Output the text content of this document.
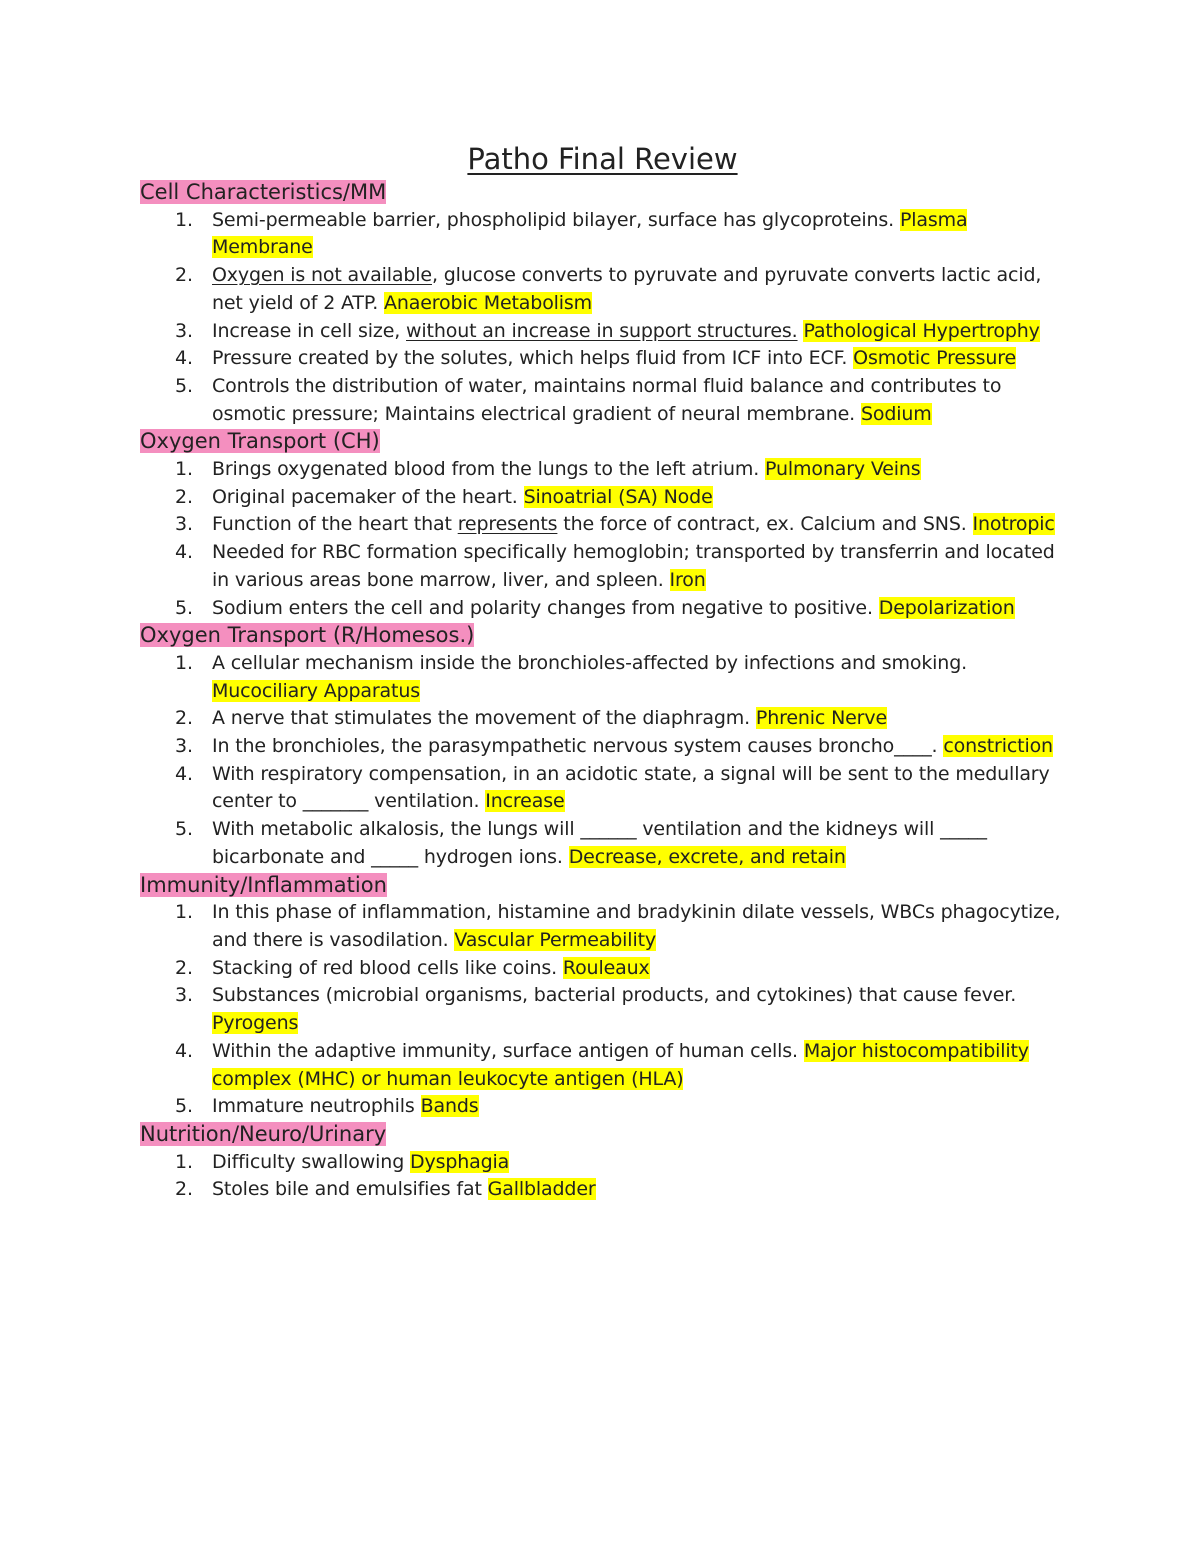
Patho Final Review
Cell Characteristics/MM
1. Semi-permeable barrier, phospholipid bilayer, surface has glycoproteins. Plasma Membrane
2. Oxygen is not available, glucose converts to pyruvate and pyruvate converts lactic acid, net yield of 2 ATP. Anaerobic Metabolism
3. Increase in cell size, without an increase in support structures. Pathological Hypertrophy
4. Pressure created by the solutes, which helps fluid from ICF into ECF. Osmotic Pressure
5. Controls the distribution of water, maintains normal fluid balance and contributes to osmotic pressure; Maintains electrical gradient of neural membrane. Sodium
Oxygen Transport (CH)
1. Brings oxygenated blood from the lungs to the left atrium. Pulmonary Veins
2. Original pacemaker of the heart. Sinoatrial (SA) Node
3. Function of the heart that represents the force of contract, ex. Calcium and SNS. Inotropic
4. Needed for RBC formation specifically hemoglobin; transported by transferrin and located in various areas bone marrow, liver, and spleen. Iron
5. Sodium enters the cell and polarity changes from negative to positive. Depolarization
Oxygen Transport (R/Homesos.)
1. A cellular mechanism inside the bronchioles-affected by infections and smoking. Mucociliary Apparatus
2. A nerve that stimulates the movement of the diaphragm. Phrenic Nerve
3. In the bronchioles, the parasympathetic nervous system causes broncho____. constriction
4. With respiratory compensation, in an acidotic state, a signal will be sent to the medullary center to _______ ventilation. Increase
5. With metabolic alkalosis, the lungs will ______ ventilation and the kidneys will _____ bicarbonate and _____ hydrogen ions. Decrease, excrete, and retain
Immunity/Inflammation
1. In this phase of inflammation, histamine and bradykinin dilate vessels, WBCs phagocytize, and there is vasodilation. Vascular Permeability
2. Stacking of red blood cells like coins. Rouleaux
3. Substances (microbial organisms, bacterial products, and cytokines) that cause fever. Pyrogens
4. Within the adaptive immunity, surface antigen of human cells. Major histocompatibility complex (MHC) or human leukocyte antigen (HLA)
5. Immature neutrophils Bands
Nutrition/Neuro/Urinary
1. Difficulty swallowing Dysphagia
2. Stoles bile and emulsifies fat Gallbladder
